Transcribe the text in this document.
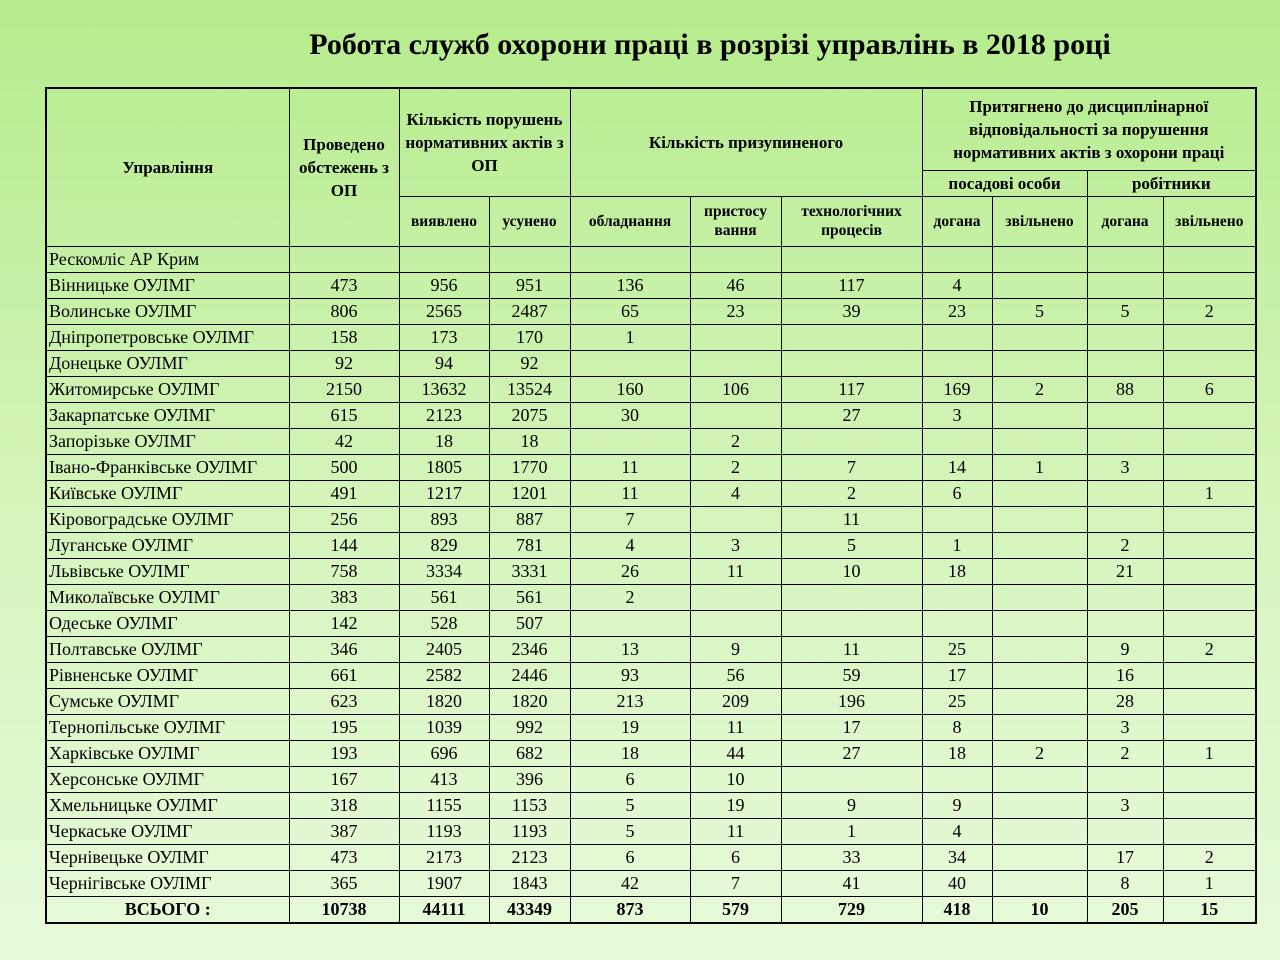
Робота служб охорони праці в розрізі управлінь в 2018 році
Управління	Проведено обстежень з ОП	Кількість порушень нормативних актів з ОП		Кількість призупиненого			Притягнено до дисциплінарної відповідальності за порушення нормативних актів з охорони праці			
							посадові особи		робітники	
		виявлено	усунено	обладнання	пристосу вання	технологічних процесів	догана	звільнено	догана	звільнено
Рескомліс АР Крим										
Вінницьке ОУЛМГ	473	956	951	136	46	117	4			
Волинське ОУЛМГ	806	2565	2487	65	23	39	23	5	5	2
Дніпропетровське ОУЛМГ	158	173	170	1						
Донецьке ОУЛМГ	92	94	92							
Житомирське ОУЛМГ	2150	13632	13524	160	106	117	169	2	88	6
Закарпатське ОУЛМГ	615	2123	2075	30		27	3			
Запорізьке ОУЛМГ	42	18	18		2					
Івано-Франківське ОУЛМГ	500	1805	1770	11	2	7	14	1	3	
Київське ОУЛМГ	491	1217	1201	11	4	2	6			1
Кіровоградське ОУЛМГ	256	893	887	7		11				
Луганське ОУЛМГ	144	829	781	4	3	5	1		2	
Львівське ОУЛМГ	758	3334	3331	26	11	10	18		21	
Миколаївське ОУЛМГ	383	561	561	2						
Одеське ОУЛМГ	142	528	507							
Полтавське ОУЛМГ	346	2405	2346	13	9	11	25		9	2
Рівненське ОУЛМГ	661	2582	2446	93	56	59	17		16	
Сумське ОУЛМГ	623	1820	1820	213	209	196	25		28	
Тернопільське ОУЛМГ	195	1039	992	19	11	17	8		3	
Харківське ОУЛМГ	193	696	682	18	44	27	18	2	2	1
Херсонське ОУЛМГ	167	413	396	6	10					
Хмельницьке ОУЛМГ	318	1155	1153	5	19	9	9		3	
Черкаське ОУЛМГ	387	1193	1193	5	11	1	4			
Чернівецьке ОУЛМГ	473	2173	2123	6	6	33	34		17	2
Чернігівське ОУЛМГ	365	1907	1843	42	7	41	40		8	1
ВСЬОГО :	10738	44111	43349	873	579	729	418	10	205	15
